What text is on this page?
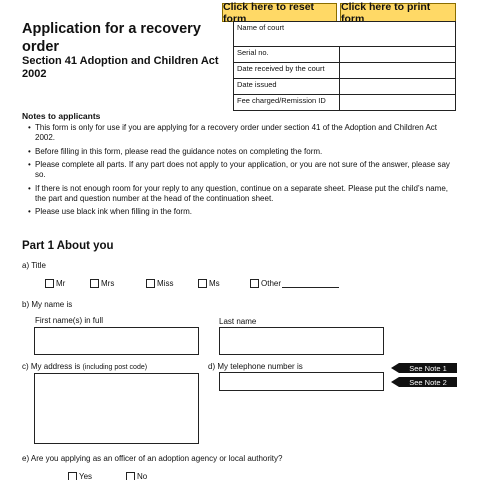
Click here to reset form
Click here to print form
Application for a recovery order
Section 41 Adoption and Children Act 2002
Name of court	
Serial no.	
Date received by the court	
Date issued	
Fee charged/Remission ID	
Notes to applicants
• This form is only for use if you are applying for a recovery order under section 41 of the Adoption and Children Act 2002.
• Before filling in this form, please read the guidance notes on completing the form.
• Please complete all parts. If any part does not apply to your application, or you are not sure of the answer, please say so.
• If there is not enough room for your reply to any question, continue on a separate sheet. Please put the child’s name, the part and question number at the head of the continuation sheet.
• Please use black ink when filling in the form.
Part 1 About you
a) Title
Mr	Mrs	Miss	Ms	Other
b) My name is
First name(s) in full	Last name
c) My address is (including post code)	d) My telephone number is	See Note 1
See Note 2
e) Are you applying as an officer of an adoption agency or local authority?
Yes	No
